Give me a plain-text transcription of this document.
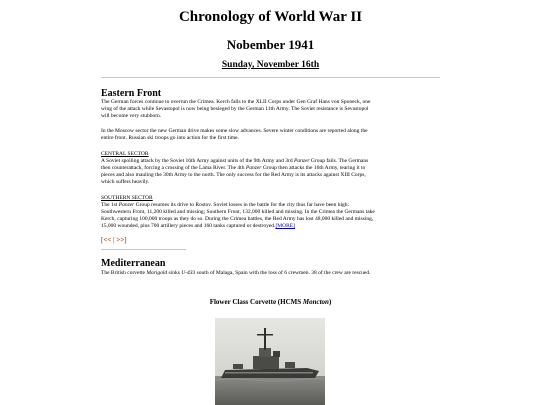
Chronology of World War II
Nobember 1941
Sunday, November 16th
Eastern Front
The German forces continue to overrun the Crimea. Kerch falls to the XLII Corps under Gen Graf Hans von Sponeck, one
wing of the attack while Sevastopol is now being besieged by the German 11th Army. The Soviet resistance is Sevastopol
will become very stubborn.
In the Moscow sector the new German drive makes some slow advances. Severe winter conditions are reported along the
entire front. Russian ski troops go into action for the first time.
CENTRAL SECTOR
A Soviet spoiling attack by the Soviet 16th Army against units of the 9th Army and 3rd Panzer Group fails. The Germans
then counterattack, forcing a crossing of the Lama River. The 4th Panzer Group then attacks the 16th Army, tearing it to
pieces and also mauling the 30th Army to the north. The only success for the Red Army is its attacks against XIII Corps,
which suffers heavily.
SOUTHERN SECTOR
The 1st Panzer Group resumes its drive to Rostov. Soviet losses in the battle for the city thus far have been high:
Southwestern Front, 11,200 killed and missing; Southern Front, 132,000 killed and missing. In the Crimea the Germans take
Kerch, capturing 100,000 troops as they do so. During the Crimea battles, the Red Army has lost 48,000 killed and missing,
15,000 wounded, plus 700 artillery pieces and 160 tanks captured or destroyed.[MORE]
[<< | >>]
Mediterranean
The British corvette Marigold sinks U-433 south of Malaga, Spain with the loss of 6 crewmen. 38 of the crew are rescued.
Flower Class Corvette (HCMS Moncton)
